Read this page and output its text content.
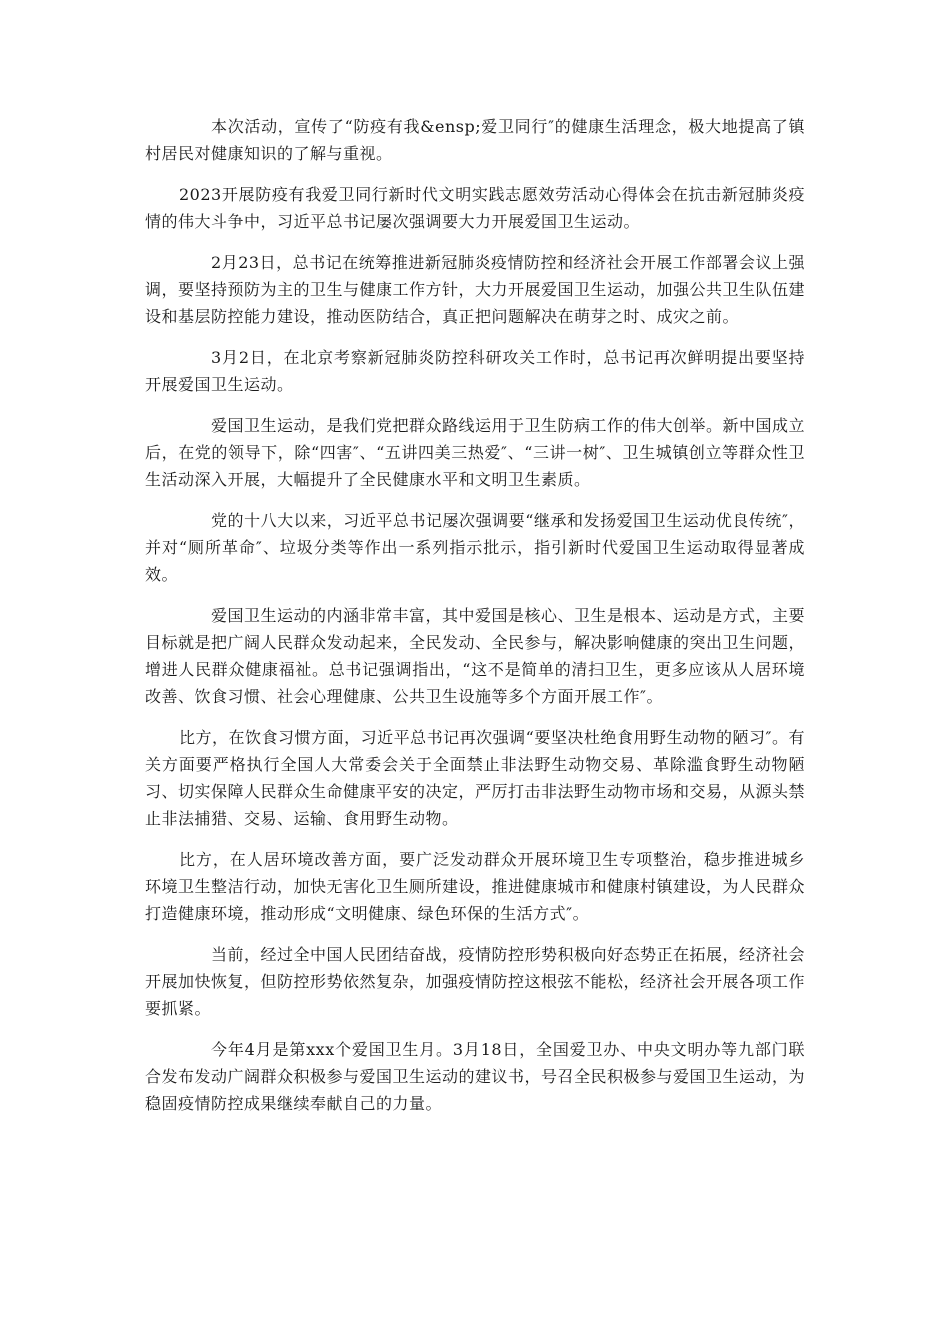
本次活动，宣传了“防疫有我&ensp;爱卫同行″的健康生活理念，极大地提高了镇村居民对健康知识的了解与重视。

2023开展防疫有我爱卫同行新时代文明实践志愿效劳活动心得体会在抗击新冠肺炎疫情的伟大斗争中，习近平总书记屡次强调要大力开展爱国卫生运动。

2月23日，总书记在统筹推进新冠肺炎疫情防控和经济社会开展工作部署会议上强调，要坚持预防为主的卫生与健康工作方针，大力开展爱国卫生运动，加强公共卫生队伍建设和基层防控能力建设，推动医防结合，真正把问题解决在萌芽之时、成灾之前。

3月2日，在北京考察新冠肺炎防控科研攻关工作时，总书记再次鲜明提出要坚持开展爱国卫生运动。

爱国卫生运动，是我们党把群众路线运用于卫生防病工作的伟大创举。新中国成立后，在党的领导下，除“四害″、“五讲四美三热爱″、“三讲一树″、卫生城镇创立等群众性卫生活动深入开展，大幅提升了全民健康水平和文明卫生素质。

党的十八大以来，习近平总书记屡次强调要“继承和发扬爱国卫生运动优良传统″，并对“厕所革命″、垃圾分类等作出一系列指示批示，指引新时代爱国卫生运动取得显著成效。

爱国卫生运动的内涵非常丰富，其中爱国是核心、卫生是根本、运动是方式，主要目标就是把广阔人民群众发动起来，全民发动、全民参与，解决影响健康的突出卫生问题，增进人民群众健康福祉。总书记强调指出，“这不是简单的清扫卫生，更多应该从人居环境改善、饮食习惯、社会心理健康、公共卫生设施等多个方面开展工作″。

比方，在饮食习惯方面，习近平总书记再次强调“要坚决杜绝食用野生动物的陋习″。有关方面要严格执行全国人大常委会关于全面禁止非法野生动物交易、革除滥食野生动物陋习、切实保障人民群众生命健康平安的决定，严厉打击非法野生动物市场和交易，从源头禁止非法捕猎、交易、运输、食用野生动物。

比方，在人居环境改善方面，要广泛发动群众开展环境卫生专项整治，稳步推进城乡环境卫生整洁行动，加快无害化卫生厕所建设，推进健康城市和健康村镇建设，为人民群众打造健康环境，推动形成“文明健康、绿色环保的生活方式″。

当前，经过全中国人民团结奋战，疫情防控形势积极向好态势正在拓展，经济社会开展加快恢复，但防控形势依然复杂，加强疫情防控这根弦不能松，经济社会开展各项工作要抓紧。

今年4月是第xxx个爱国卫生月。3月18日，全国爱卫办、中央文明办等九部门联合发布发动广阔群众积极参与爱国卫生运动的建议书，号召全民积极参与爱国卫生运动，为稳固疫情防控成果继续奉献自己的力量。
